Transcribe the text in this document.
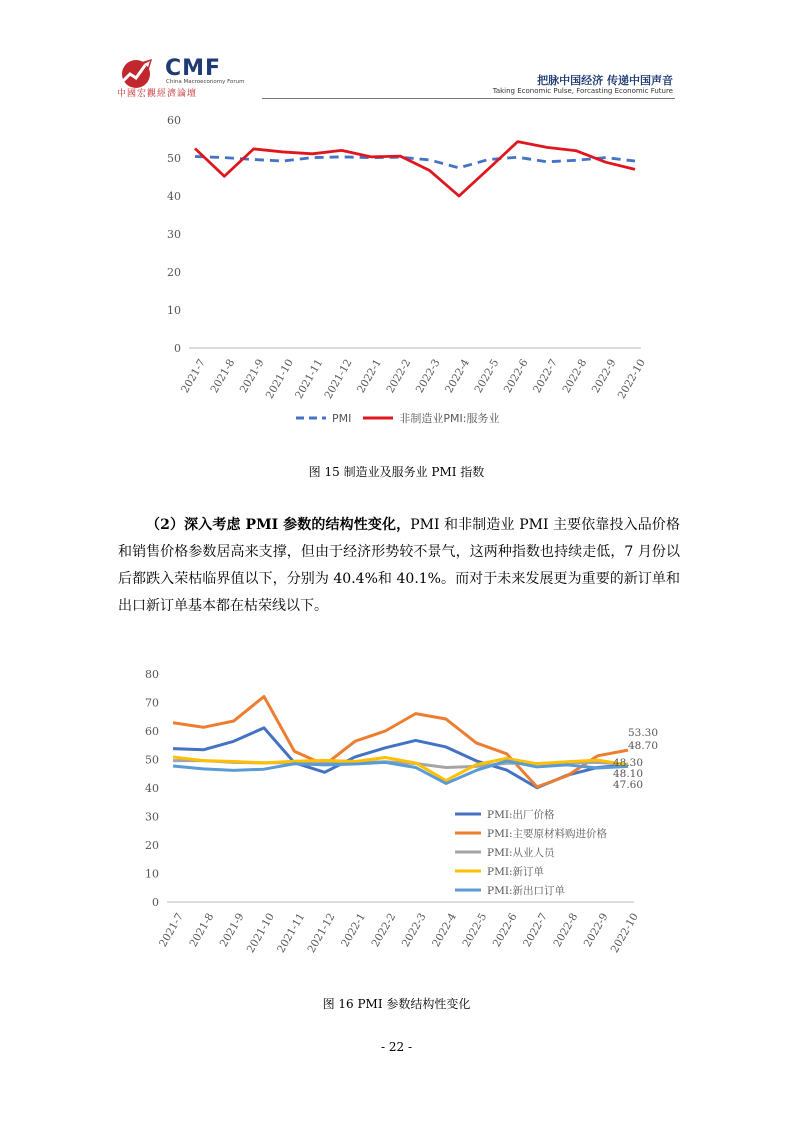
CMF
China Macroeconomy Forum
中國宏觀經濟論壇
把脉中国经济 传递中国声音
Taking Economic Pulse, Forcasting Economic Future
0
10
20
30
40
50
60
2021-7 2021-8 2021-9
2021-10
2021-11
2021-12 2022-1 2022-2 2022-3 2022-4 2022-5 2022-6 2022-7 2022-8 2022-9
2022-10
PMI	非制造业PMI:服务业
图 15 制造业及服务业 PMI 指数
（2）深入考虑 PMI 参数的结构性变化，PMI 和非制造业 PMI 主要依靠投入品价格和销售价格参数居高来支撑，但由于经济形势较不景气，这两种指数也持续走低，7 月份以后都跌入荣枯临界值以下，分别为 40.4%和 40.1%。而对于未来发展更为重要的新订单和出口新订单基本都在枯荣线以下。
0
10
20
30
40
50
60
70
80
2021-7 2021-8 2021-9
2021-10
2021-11
2021-12 2022-1 2022-2 2022-3 2022-4 2022-5 2022-6 2022-7 2022-8 2022-9
2022-10
53.30
48.70
48.30
48.10
47.60
PMI:出厂价格
PMI:主要原材料购进价格
PMI:从业人员
PMI:新订单
PMI:新出口订单
图 16 PMI 参数结构性变化
- 22 -
